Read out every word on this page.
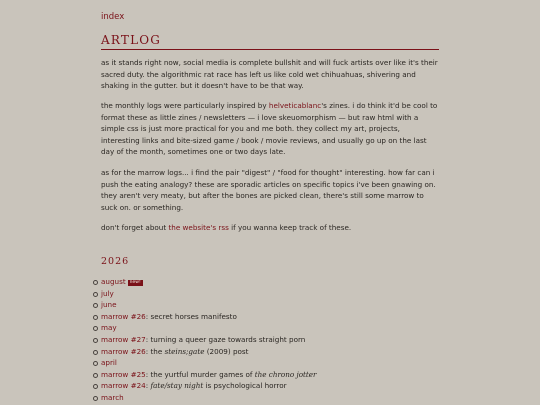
index
ARTLOG

as it stands right now, social media is complete bullshit and will fuck artists over like it's their sacred duty. the algorithmic rat race has left us like cold wet chihuahuas, shivering and shaking in the gutter. but it doesn't have to be that way.

the monthly logs were particularly inspired by helveticablanc's zines. i do think it'd be cool to format these as little zines / newsletters — i love skeuomorphism — but raw html with a simple css is just more practical for you and me both. they collect my art, projects, interesting links and bite-sized game / book / movie reviews, and usually go up on the last day of the month, sometimes one or two days late.

as for the marrow logs... i find the pair "digest" / "food for thought" interesting. how far can i push the eating analogy? these are sporadic articles on specific topics i've been gnawing on. they aren't very meaty, but after the bones are picked clean, there's still some marrow to suck on. or something.

don't forget about the website's rss if you wanna keep track of these.

2026
august new!
july
june
marrow #26: secret horses manifesto
may
marrow #27: turning a queer gaze towards straight porn
marrow #26: the steins;gate (2009) post
april
marrow #25: the yurtful murder games of the chrono jotter
marrow #24: fate/stay night is psychological horror
march
